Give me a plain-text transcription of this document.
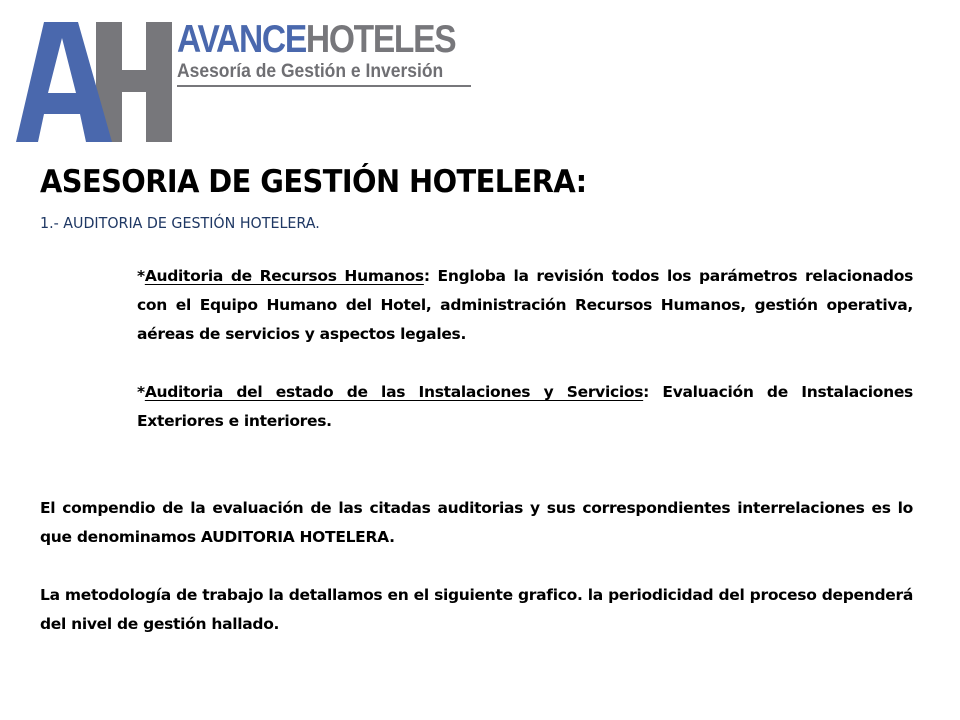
AVANCEHOTELES
Asesoría de Gestión e Inversión
ASESORIA DE GESTIÓN HOTELERA:
1.- AUDITORIA DE GESTIÓN HOTELERA.
*Auditoria de Recursos Humanos: Engloba la revisión todos los parámetros relacionados con el Equipo Humano del Hotel, administración Recursos Humanos, gestión operativa, aéreas de servicios y aspectos legales.
*Auditoria del estado de las Instalaciones y Servicios: Evaluación de Instalaciones Exteriores e interiores.
El compendio de la evaluación de las citadas auditorias y sus correspondientes interrelaciones es lo que denominamos AUDITORIA HOTELERA.
La metodología de trabajo la detallamos en el siguiente grafico. la periodicidad del proceso dependerá del nivel de gestión hallado.
